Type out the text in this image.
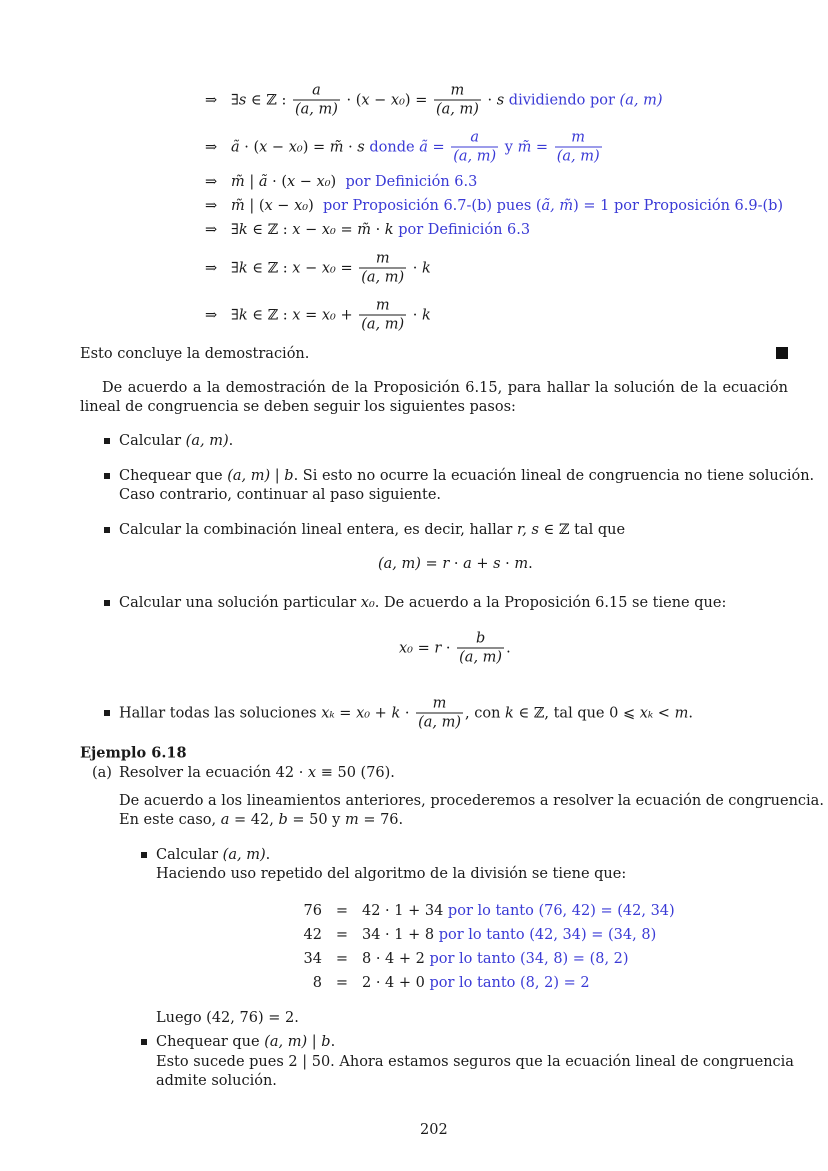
⇒   ∃ s ∈ ℤ : $\frac{a}{(a, m)}$ · ( x − x₀ ) = $\frac{m}{(a, m)} \cdot s$ dividiendo por (a, m)
⇒ ã · ( x − x₀ ) = m̃ · s donde ã = $\frac{a}{(a, m)}$ y m̃ = $\frac{m}{(a, m)}$
⇒ m̃ | ã · ( x − x₀ ) por Definición 6.3
⇒ m̃ | ( x − x₀ ) por Proposición 6.7-(b) pues ( ã, m̃ ) = 1 por Proposición 6.9-(b)
⇒   ∃ k ∈ ℤ : x − x₀ = m̃ · k por Definición 6.3
⇒   ∃ k ∈ ℤ : $x - x_0 = \frac{m}{(a, m)} \cdot k$
⇒   ∃ k ∈ ℤ : $x = x_0 + \frac{m}{(a, m)} \cdot k$
Esto concluye la demostración.
De acuerdo a la demostración de la Proposición 6.15, para hallar la solución de la ecuación lineal de congruencia se deben seguir los siguientes pasos:
Calcular (a, m) .
Chequear que (a, m) | b . Si esto no ocurre la ecuación lineal de congruencia no tiene solución.
Caso contrario, continuar al paso siguiente.
Calcular la combinación lineal entera, es decir, hallar r, s ∈ ℤ tal que
(a, m) = r · a + s · m .
Calcular una solución particular x₀ . De acuerdo a la Proposición 6.15 se tiene que:
$x_0 = r \cdot \frac{b}{(a, m)}$ .
Hallar todas las soluciones $x_k = x_0 + k \cdot \frac{m}{(a, m)}$ , con k ∈ ℤ, tal que 0 ⩽ xₖ < m .
Ejemplo 6.18
(a) Resolver la ecuación 42 · x ≡ 50 (76).
De acuerdo a los lineamientos anteriores, procederemos a resolver la ecuación de congruencia.
En este caso, a = 42, b = 50 y m = 76.
Calcular (a, m) .
Haciendo uso repetido del algoritmo de la división se tiene que:
76 = 42 · 1 + 34 por lo tanto (76, 42) = (42, 34)
42 = 34 · 1 + 8 por lo tanto (42, 34) = (34, 8)
34 = 8 · 4 + 2 por lo tanto (34, 8) = (8, 2)
8 = 2 · 4 + 0 por lo tanto (8, 2) = 2
Luego (42, 76) = 2.
Chequear que (a, m) | b .
Esto sucede pues 2 | 50. Ahora estamos seguros que la ecuación lineal de congruencia
admite solución.
202
